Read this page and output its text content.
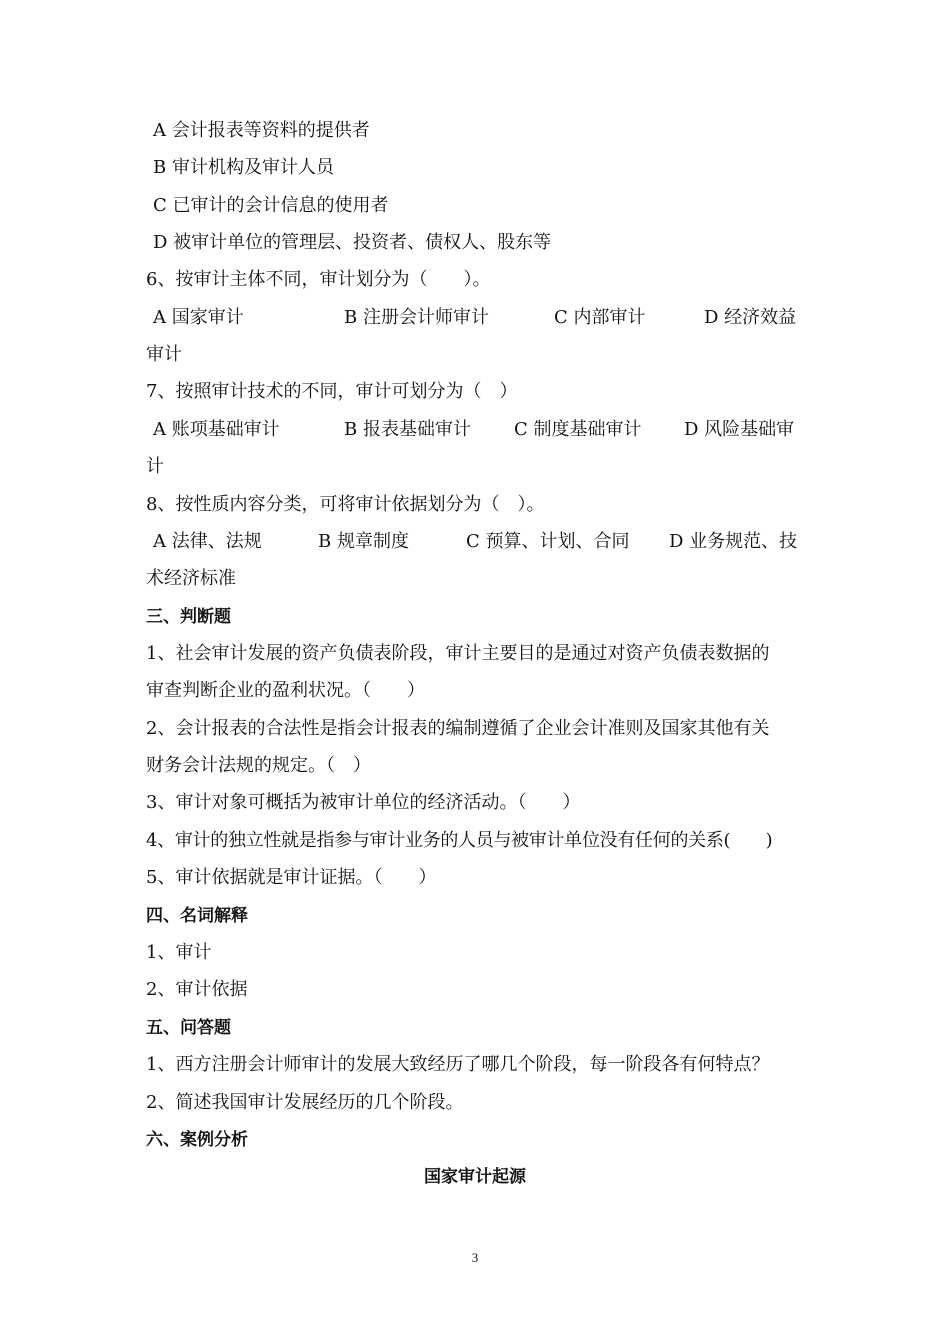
A 会计报表等资料的提供者
B 审计机构及审计人员
C 已审计的会计信息的使用者
D 被审计单位的管理层、投资者、债权人、股东等
6、按审计主体不同，审计划分为（　　）。
A 国家审计	B 注册会计师审计	C 内部审计	D 经济效益
审计
7、按照审计技术的不同，审计可划分为（　）
A 账项基础审计	B 报表基础审计 C 制度基础审计 D 风险基础审
计
8、按性质内容分类，可将审计依据划分为（　）。
A 法律、法规	B 规章制度	C 预算、计划、合同 D 业务规范、技
术经济标准
三、判断题
1、社会审计发展的资产负债表阶段，审计主要目的是通过对资产负债表数据的
审查判断企业的盈利状况。（　　）
2、会计报表的合法性是指会计报表的编制遵循了企业会计准则及国家其他有关
财务会计法规的规定。（　）
3、审计对象可概括为被审计单位的经济活动。（　　）
4、审计的独立性就是指参与审计业务的人员与被审计单位没有任何的关系(　　)
5、审计依据就是审计证据。（　　）
四、名词解释
1、审计
2、审计依据
五、问答题
1、西方注册会计师审计的发展大致经历了哪几个阶段，每一阶段各有何特点？
2、简述我国审计发展经历的几个阶段。
六、案例分析
国家审计起源
3
